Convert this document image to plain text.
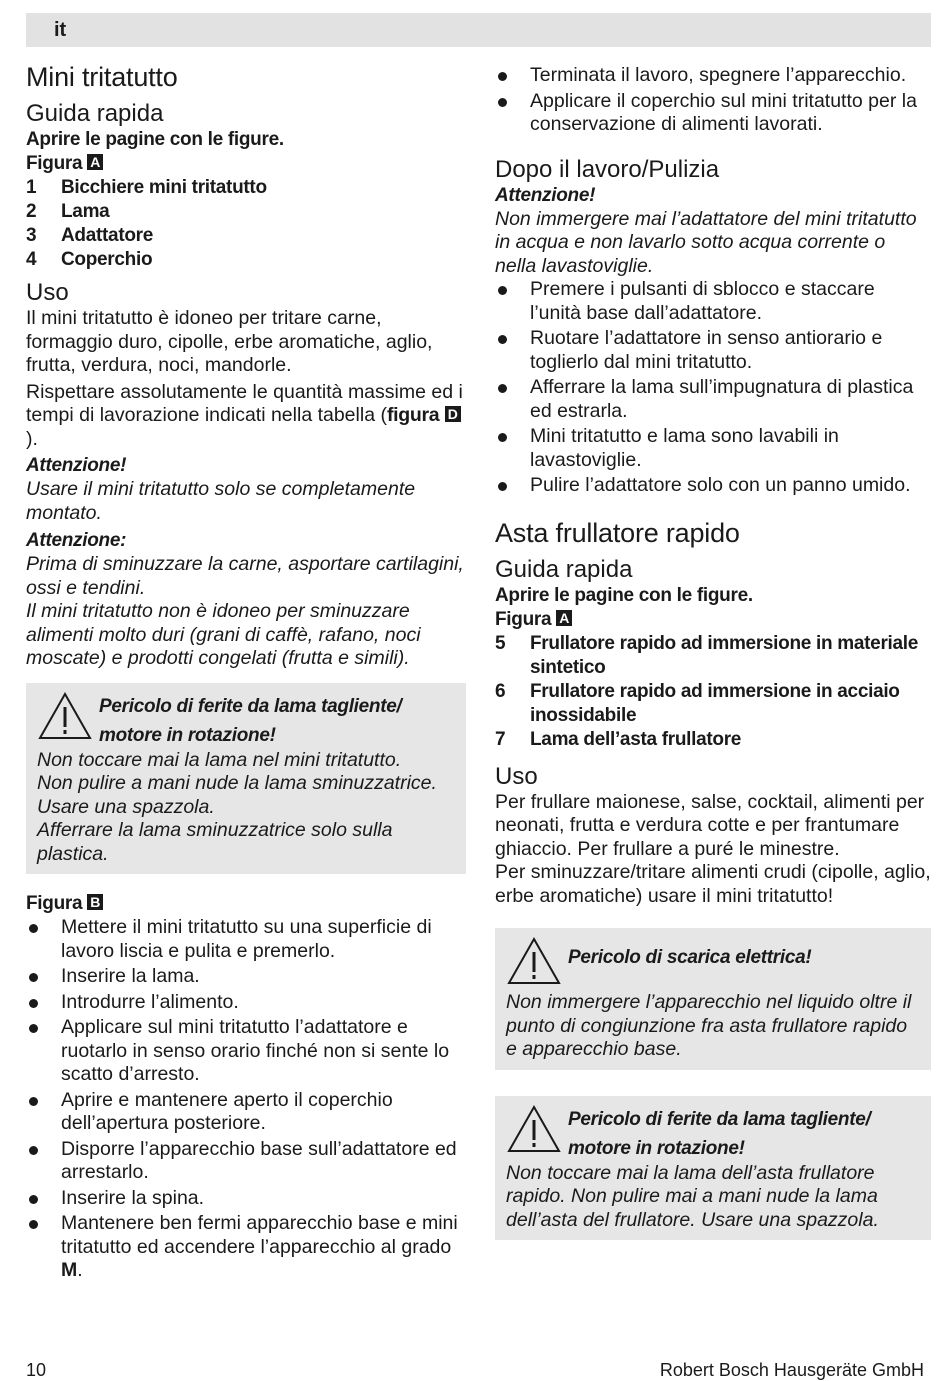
it
Mini tritatutto
Guida rapida

Aprire le pagine con le figure.

Figura A

1	Bicchiere mini tritatutto
2	Lama
3	Adattatore
4	Coperchio
Uso

Il mini tritatutto è idoneo per tritare carne, formaggio duro, cipolle, erbe aromatiche, aglio, frutta, verdura, noci, mandorle.

Rispettare assolutamente le quantità massime ed i tempi di lavorazione indicati nella tabella (figura D).

Attenzione!

Usare il mini tritatutto solo se completamente montato.

Attenzione:

Prima di sminuzzare la carne, asportare cartilagini, ossi e tendini.

Il mini tritatutto non è idoneo per sminuzzare alimenti molto duri (grani di caffè, rafano, noci moscate) e prodotti congelati (frutta e simili).

Pericolo di ferite da lama tagliente/
motore in rotazione!

Non toccare mai la lama nel mini tritatutto.

Non pulire a mani nude la lama sminuzzatrice. Usare una spazzola.

Afferrare la lama sminuzzatrice solo sulla plastica.

Figura B

Mettere il mini tritatutto su una superficie di lavoro liscia e pulita e premerlo.
Inserire la lama.
Introdurre l’alimento.
Applicare sul mini tritatutto l’adattatore e ruotarlo in senso orario finché non si sente lo scatto d’arresto.
Aprire e mantenere aperto il coperchio dell’apertura posteriore.
Disporre l’apparecchio base sull’adattatore ed arrestarlo.
Inserire la spina.
Mantenere ben fermi apparecchio base e mini tritatutto ed accendere l’apparecchio al grado M.
Terminata il lavoro, spegnere l’apparecchio.
Applicare il coperchio sul mini tritatutto per la conservazione di alimenti lavorati.
Dopo il lavoro/Pulizia

Attenzione!

Non immergere mai l’adattatore del mini tritatutto in acqua e non lavarlo sotto acqua corrente o nella lavastoviglie.

Premere i pulsanti di sblocco e staccare l’unità base dall’adattatore.
Ruotare l’adattatore in senso antiorario e toglierlo dal mini tritatutto.
Afferrare la lama sull’impugnatura di plastica ed estrarla.
Mini tritatutto e lama sono lavabili in lavastoviglie.
Pulire l’adattatore solo con un panno umido.
Asta frullatore rapido
Guida rapida

Aprire le pagine con le figure.

Figura A

5	Frullatore rapido ad immersione in materiale sintetico
6	Frullatore rapido ad immersione in acciaio inossidabile
7	Lama dell’asta frullatore
Uso

Per frullare maionese, salse, cocktail, alimenti per neonati, frutta e verdura cotte e per frantumare ghiaccio. Per frullare a puré le minestre.

Per sminuzzare/tritare alimenti crudi (cipolle, aglio, erbe aromatiche) usare il mini tritatutto!

Pericolo di scarica elettrica!

Non immergere l’apparecchio nel liquido oltre il punto di congiunzione fra asta frullatore rapido e apparecchio base.

Pericolo di ferite da lama tagliente/
motore in rotazione!

Non toccare mai la lama dell’asta frullatore rapido. Non pulire mai a mani nude la lama dell’asta del frullatore. Usare una spazzola.

10	Robert Bosch Hausgeräte GmbH
